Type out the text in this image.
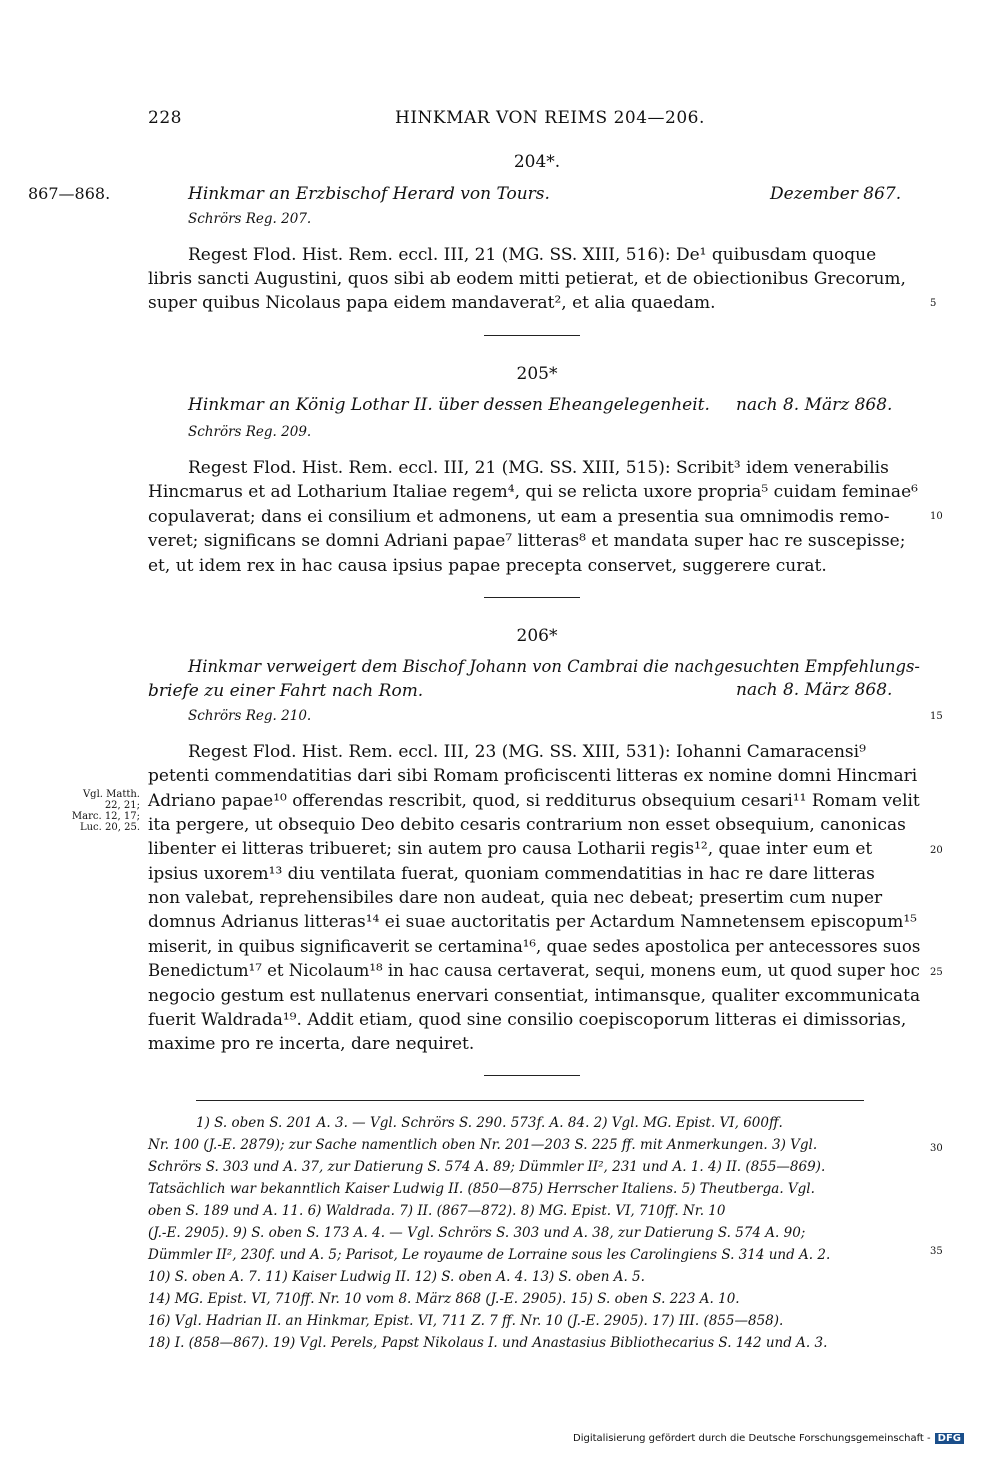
228	HINKMAR VON REIMS 204—206.
204*.
867—868.	Hinkmar an Erzbischof Herard von Tours.	Dezember 867.
Schrörs Reg. 207.
Regest Flod. Hist. Rem. eccl. III, 21 (MG. SS. XIII, 516): De¹ quibusdam quoque
libris sancti Augustini, quos sibi ab eodem mitti petierat, et de obiectionibus Grecorum,
super quibus Nicolaus papa eidem mandaverat², et alia quaedam.	5
205*
Hinkmar an König Lothar II. über dessen Eheangelegenheit. nach 8. März 868.
Schrörs Reg. 209.
Regest Flod. Hist. Rem. eccl. III, 21 (MG. SS. XIII, 515): Scribit³ idem venerabilis
Hincmarus et ad Lotharium Italiae regem⁴, qui se relicta uxore propria⁵ cuidam feminae⁶
copulaverat; dans ei consilium et admonens, ut eam a presentia sua omnimodis remo-	10
veret; significans se domni Adriani papae⁷ litteras⁸ et mandata super hac re suscepisse;
et, ut idem rex in hac causa ipsius papae precepta conservet, suggerere curat.
206*
Hinkmar verweigert dem Bischof Johann von Cambrai die nachgesuchten Empfehlungs-
briefe zu einer Fahrt nach Rom.	nach 8. März 868.
Schrörs Reg. 210.	15
Regest Flod. Hist. Rem. eccl. III, 23 (MG. SS. XIII, 531): Iohanni Camaracensi⁹
petenti commendatitias dari sibi Romam proficiscenti litteras ex nomine domni Hincmari
Adriano papae¹⁰ offerendas rescribit, quod, si redditurus obsequium cesari¹¹ Romam velit
ita pergere, ut obsequio Deo debito cesaris contrarium non esset obsequium, canonicas
libenter ei litteras tribueret; sin autem pro causa Lotharii regis¹², quae inter eum et	20
ipsius uxorem¹³ diu ventilata fuerat, quoniam commendatitias in hac re dare litteras
non valebat, reprehensibiles dare non audeat, quia nec debeat; presertim cum nuper
domnus Adrianus litteras¹⁴ ei suae auctoritatis per Actardum Namnetensem episcopum¹⁵
miserit, in quibus significaverit se certamina¹⁶, quae sedes apostolica per antecessores suos
Benedictum¹⁷ et Nicolaum¹⁸ in hac causa certaverat, sequi, monens eum, ut quod super hoc 25
negocio gestum est nullatenus enervari consentiat, intimansque, qualiter excommunicata
fuerit Waldrada¹⁹. Addit etiam, quod sine consilio coepiscoporum litteras ei dimissorias,
maxime pro re incerta, dare nequiret.
Vgl. Matth.
22, 21;
Marc. 12, 17;
Luc. 20, 25.
1) S. oben S. 201 A. 3. — Vgl. Schrörs S. 290. 573f. A. 84. 2) Vgl. MG. Epist. VI, 600ff.
Nr. 100 (J.-E. 2879); zur Sache namentlich oben Nr. 201—203 S. 225 ff. mit Anmerkungen. 3) Vgl.
Schrörs S. 303 und A. 37, zur Datierung S. 574 A. 89; Dümmler II², 231 und A. 1. 4) II. (855—869).
30
Tatsächlich war bekanntlich Kaiser Ludwig II. (850—875) Herrscher Italiens. 5) Theutberga. Vgl.
oben S. 189 und A. 11. 6) Waldrada. 7) II. (867—872). 8) MG. Epist. VI, 710ff. Nr. 10
(J.-E. 2905). 9) S. oben S. 173 A. 4. — Vgl. Schrörs S. 303 und A. 38, zur Datierung S. 574 A. 90;
Dümmler II², 230f. und A. 5; Parisot, Le royaume de Lorraine sous les Carolingiens S. 314 und A. 2.	35
10) S. oben A. 7. 11) Kaiser Ludwig II. 12) S. oben A. 4. 13) S. oben A. 5.
14) MG. Epist. VI, 710ff. Nr. 10 vom 8. März 868 (J.-E. 2905). 15) S. oben S. 223 A. 10.
16) Vgl. Hadrian II. an Hinkmar, Epist. VI, 711 Z. 7 ff. Nr. 10 (J.-E. 2905). 17) III. (855—858).
18) I. (858—867). 19) Vgl. Perels, Papst Nikolaus I. und Anastasius Bibliothecarius S. 142 und A. 3.
Digitalisierung gefördert durch die Deutsche Forschungsgemeinschaft - DFG
